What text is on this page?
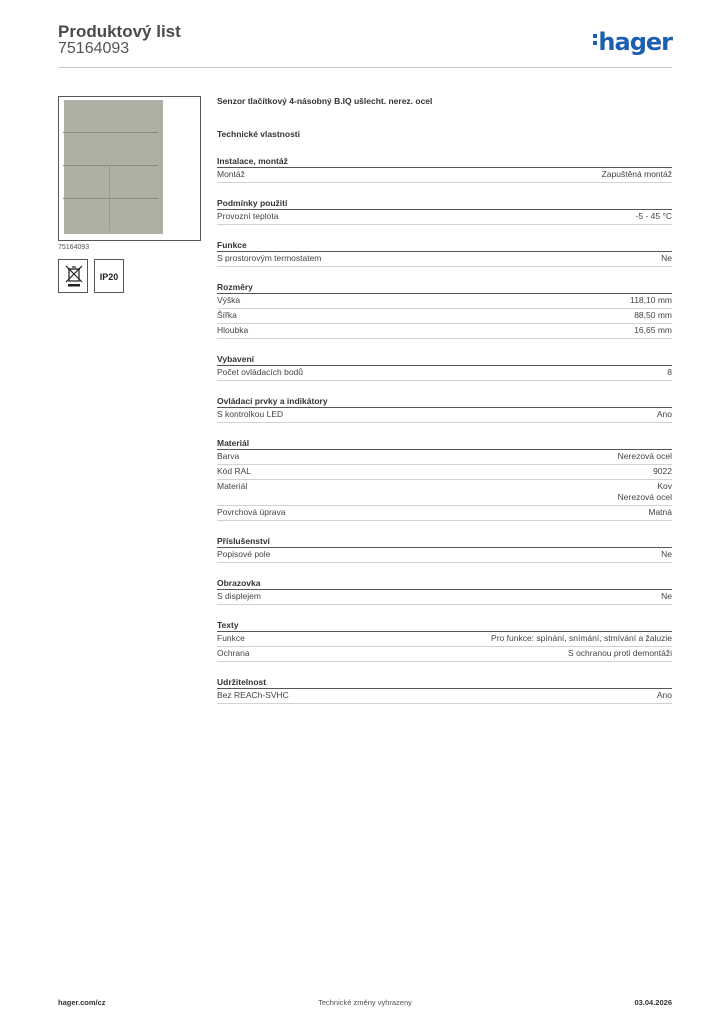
Produktový list
75164093	hager
75164093
IP20
Senzor tlačítkový 4-násobný B.IQ ušlecht. nerez. ocel
Technické vlastnosti
Instalace, montáž
Montáž	Zapuštěná montáž
Podmínky použití
Provozní teplota	-5 - 45 °C
Funkce
S prostorovým termostatem	Ne
Rozměry
Výška	118,10 mm
Šířka	88,50 mm
Hloubka	16,65 mm
Vybavení
Počet ovládacích bodů	8
Ovládací prvky a indikátory
S kontrolkou LED	Ano
Materiál
Barva	Nerezová ocel
Kód RAL	9022
Materiál	Kov
Nerezová ocel
Povrchová úprava	Matná
Příslušenství
Popisové pole	Ne
Obrazovka
S displejem	Ne
Texty
Funkce	Pro funkce: spínání, snímání, stmívání a žaluzie
Ochrana	S ochranou proti demontáži
Udržitelnost
Bez REACh-SVHC	Ano
hager.com/cz	Technické změny vyhrazeny	03.04.2026
